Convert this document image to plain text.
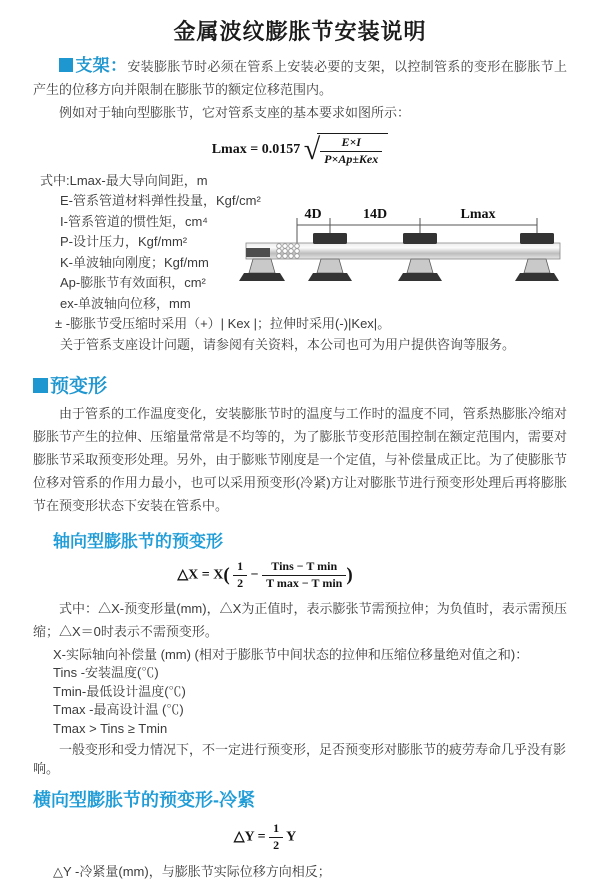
金属波纹膨胀节安装说明

支架：安装膨胀节时必须在管系上安装必要的支架，以控制管系的变形在膨胀节上产生的位移方向并限制在膨胀节的额定位移范围内。

例如对于轴向型膨胀节，它对管系支座的基本要求如图所示：

Lmax = 0.0157 √ $\frac{E\times I}{\text{P×Ap±Kex}}$
式中:Lmax-最大导向间距，m
E-管系管道材料弹性投量，Kgf/cm²
I-管系管道的惯性矩，cm⁴
P-设计压力，Kgf/mm²
K-单波轴向刚度；Kgf/mm
Ap-膨胀节有效面积，cm²
ex-单波轴向位移，mm
± -膨胀节受压缩时采用（+）| Kex |；拉伸时采用(-)|Kex|。
关于管系支座设计问题，请参阅有关资料，本公司也可为用户提供咨询等服务。
预变形

由于管系的工作温度变化，安装膨胀节时的温度与工作时的温度不同，管系热膨胀冷缩对膨胀节产生的拉伸、压缩量常常是不均等的，为了膨胀节变形范围控制在额定范围内，需要对膨胀节采取预变形处理。另外，由于膨账节刚度是一个定值，与补偿量成正比。为了使膨胀节位移对管系的作用力最小，也可以采用预变形(冷紧)方让对膨胀节进行预变形处理后再将膨胀节在预变形状态下安装在管系中。

轴向型膨胀节的预变形
△X = $X( \frac{1}{2} - \frac{\text{Tins − T min}}{\text{T max − T min}}$ )

式中：△X-预变形量(mm)，△X为正值时，表示膨张节需预拉伸；为负值时，表示需预压缩；△X＝0时表示不需预变形。

X-实际轴向补偿量 (mm) (相对于膨胀节中间状态的拉伸和压缩位移量绝对值之和)：
Tins -安装温度(℃)
Tmin-最低设计温度(℃)
Tmax -最高设计温 (℃)
Tmax > Tins ≥ Tmin

一般变形和受力情况下，不一定进行预变形，足否预变形对膨胀节的疲劳寿命几乎没有影响。

横向型膨胀节的预变形-冷紧
△Y = $\frac{1}{2}$ Y
△Y -冷紧量(mm)，与膨胀节实际位移方向相反；
4D	14D	Lmax
